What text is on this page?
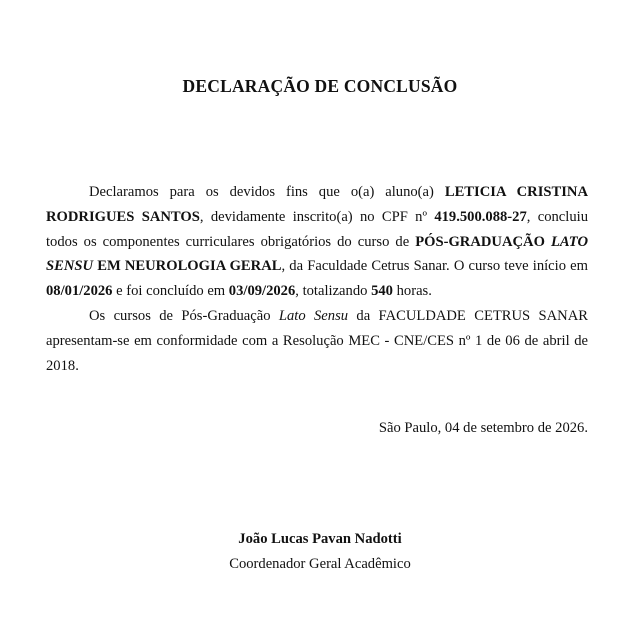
DECLARAÇÃO DE CONCLUSÃO

Declaramos para os devidos fins que o(a) aluno(a) LETICIA CRISTINA RODRIGUES SANTOS, devidamente inscrito(a) no CPF nº 419.500.088-27, concluiu todos os componentes curriculares obrigatórios do curso de PÓS-GRADUAÇÃO LATO SENSU EM NEUROLOGIA GERAL, da Faculdade Cetrus Sanar. O curso teve início em 08/01/2026 e foi concluído em 03/09/2026, totalizando 540 horas.

Os cursos de Pós-Graduação Lato Sensu da FACULDADE CETRUS SANAR apresentam-se em conformidade com a Resolução MEC - CNE/CES nº 1 de 06 de abril de 2018.

São Paulo, 04 de setembro de 2026.
João Lucas Pavan Nadotti
Coordenador Geral Acadêmico
